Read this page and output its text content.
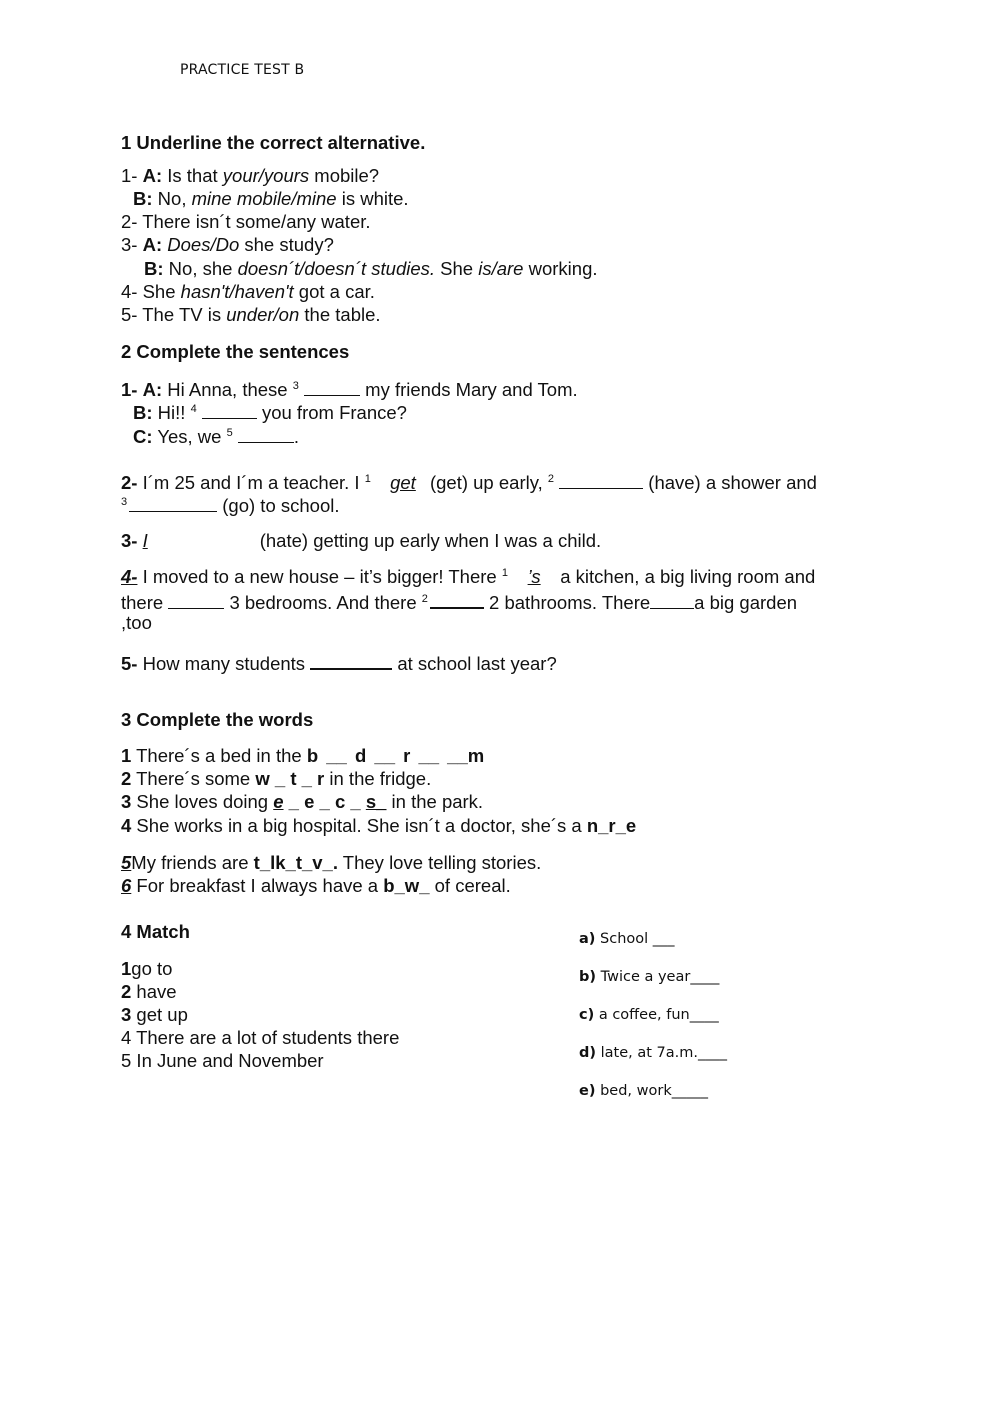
PRACTICE TEST B
1 Underline the correct alternative.
1- A: Is that your/yours mobile?
B: No, mine mobile/mine is white.
2- There isn´t some/any water.
3- A: Does/Do she study?
B: No, she doesn´t/doesn´t studies. She is/are working.
4- She hasn't/haven't got a car.
5- The TV is under/on the table.
2 Complete the sentences
1- A: Hi Anna, these $^3$	my friends Mary and Tom.
B: Hi!! $^4$	you from France?
C: Yes, we $^5$	.
2- I´m 25 and I´m a teacher. I $^1$ get (get) up early, $^2$	(have) a shower and
$^3$	(go) to school.
3- I	(hate) getting up early when I was a child.
4- I moved to a new house – it’s bigger! There $^1$ ’s a kitchen, a big living room and
there	3 bedrooms. And there $^2$	2 bathrooms. There a big garden
,too
5- How many students	at school last year?
3 Complete the words
1 There´s a bed in the b __ d __ r __ __m
2 There´s some w _ t _ r in the fridge.
3 She loves doing e _ e _ c _ s_ in the park.
4 She works in a big hospital. She isn´t a doctor, she´s a n_r_e
5My friends are t_lk_t_v_. They love telling stories.
6 For breakfast I always have a b_w_ of cereal.
4 Match
1go to
2 have
3 get up
4 There are a lot of students there
5 In June and November
a) School ___
b) Twice a year____
c) a coffee, fun____
d) late, at 7a.m.____
e) bed, work_____
